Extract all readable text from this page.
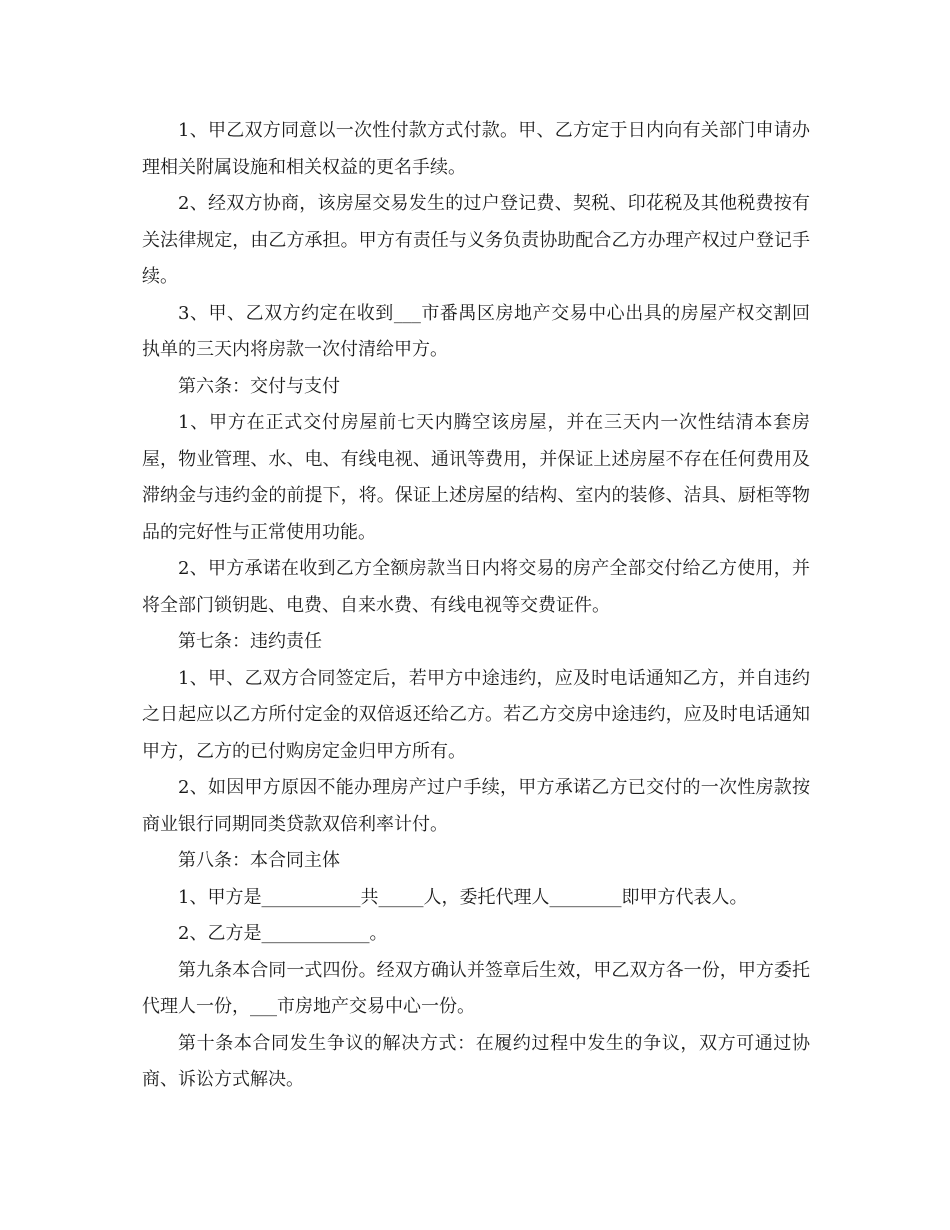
1、甲乙双方同意以一次性付款方式付款。甲、乙方定于日内向有关部门申请办理相关附属设施和相关权益的更名手续。

2、经双方协商，该房屋交易发生的过户登记费、契税、印花税及其他税费按有关法律规定，由乙方承担。甲方有责任与义务负责协助配合乙方办理产权过户登记手续。

3、甲、乙双方约定在收到___市番禺区房地产交易中心出具的房屋产权交割回执单的三天内将房款一次付清给甲方。

第六条：交付与支付

1、甲方在正式交付房屋前七天内腾空该房屋，并在三天内一次性结清本套房屋，物业管理、水、电、有线电视、通讯等费用，并保证上述房屋不存在任何费用及滞纳金与违约金的前提下，将。保证上述房屋的结构、室内的装修、洁具、厨柜等物品的完好性与正常使用功能。

2、甲方承诺在收到乙方全额房款当日内将交易的房产全部交付给乙方使用，并将全部门锁钥匙、电费、自来水费、有线电视等交费证件。

第七条：违约责任

1、甲、乙双方合同签定后，若甲方中途违约，应及时电话通知乙方，并自违约之日起应以乙方所付定金的双倍返还给乙方。若乙方交房中途违约，应及时电话通知甲方，乙方的已付购房定金归甲方所有。

2、如因甲方原因不能办理房产过户手续，甲方承诺乙方已交付的一次性房款按商业银行同期同类贷款双倍利率计付。

第八条：本合同主体

1、甲方是___________共_____人，委托代理人________即甲方代表人。

2、乙方是____________。

第九条本合同一式四份。经双方确认并签章后生效，甲乙双方各一份，甲方委托代理人一份，___市房地产交易中心一份。

第十条本合同发生争议的解决方式：在履约过程中发生的争议，双方可通过协商、诉讼方式解决。
